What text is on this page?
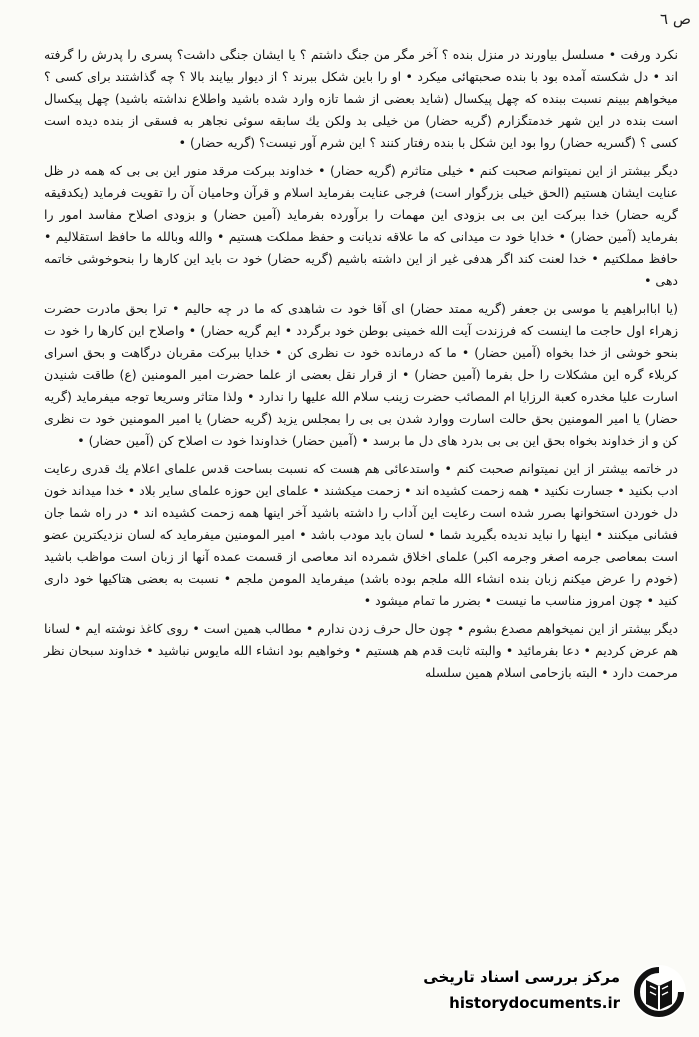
ص ٦

نکرد ورفت • مسلسل بیاورند در منزل بنده ؟ آخر مگر من جنگ داشتم ؟ یا ایشان جنگی داشت؟ پسری را پدرش را گرفته اند • دل شکسته آمده بود با بنده صحبتهائی میکرد • او را باین شکل ببرند ؟ از دیوار بیایند بالا ؟ چه گذاشتند برای کسی ؟ میخواهم ببینم نسبت ببنده که چهل پیکسال (شاید بعضی از شما تازه وارد شده باشید واطلاع نداشته باشید) چهل پیکسال است بنده در این شهر خدمتگزارم (گریه حضار) من خیلی بد ولکن یك سابقه سوئی نجاهر به فسقی از بنده دیده است کسی ؟ (گسریه حضار) روا بود این شکل با بنده رفتار کنند ؟ این شرم آور نیست؟ (گریه حضار) •

دیگر بیشتر از این نمیتوانم صحبت کنم • خیلی متاثرم (گریه حضار) • خداوند ببرکت مرقد منور این بی بی که همه در ظل عنایت ایشان هستیم (الحق خیلی بزرگوار است) فرجی عنایت بفرماید اسلام و قرآن وحامیان آن را تقویت فرماید (یکدقیقه گریه حضار) خدا ببرکت این بی بی بزودی این مهمات را برآورده بفرماید (آمین حضار) و بزودی اصلاح مفاسد امور را بفرماید (آمین حضار) • خدایا خود ت میدانی که ما علاقه ندیانت و حفظ مملکت هستیم • والله وبالله ما حافظ استقلالیم • حافظ مملکتیم • خدا لعنت کند اگر هدفی غیر از این داشته باشیم (گریه حضار) خود ت باید این کارها را بنحوخوشی خاتمه دهی •

(یا اباابراهیم یا موسی بن جعفر (گریه ممتد حضار) ای آقا خود ت شاهدی که ما در چه حالیم • ترا بحق مادرت حضرت زهراء اول حاجت ما اینست که فرزندت آیت الله خمینی بوطن خود برگردد • ایم گریه حضار) • واصلاح این کارها را خود ت بنحو خوشی از خدا بخواه (آمین حضار) • ما که درمانده خود ت نظری کن • خدایا ببرکت مقربان درگاهت و بحق اسرای کربلاء گره این مشکلات را حل بفرما (آمین حضار) • از قرار نقل بعضی از علما حضرت امیر المومنین (ع) طاقت شنیدن اسارت علیا مخدره کعبة الرزایا ام المصائب حضرت زینب سلام الله علیها را ندارد • ولذا متاثر وسریعا توجه میفرماید (گریه حضار) یا امیر المومنین بحق حالت اسارت ووارد شدن بی بی را بمجلس یزید (گریه حضار) یا امیر المومنین خود ت نظری کن و از خداوند بخواه بحق این بی بی بدرد های دل ما برسد • (آمین حضار) خداوندا خود ت اصلاح کن (آمین حضار) •

در خاتمه بیشتر از این نمیتوانم صحبت کنم • واستدعائی هم هست که نسبت بساحت قدس علمای اعلام یك قدری رعایت ادب بکنید • جسارت نکنید • همه زحمت کشیده اند • زحمت میکشند • علمای این حوزه علمای سایر بلاد • خدا میداند خون دل خوردن استخوانها بصرر شده است رعایت این آداب را داشته باشید آخر اینها همه زحمت کشیده اند • در راه شما جان فشانی میکنند • اینها را نباید ندیده بگیرید شما • لسان باید مودب باشد • امیر المومنین میفرماید که لسان نزدیکترین عضو است بمعاصی جرمه اصغر وجرمه اکبر) علمای اخلاق شمرده اند معاصی از قسمت عمده آنها از زبان است مواظب باشید (خودم را عرض میکنم زبان بنده انشاء الله ملجم بوده باشد) میفرماید المومن ملجم • نسبت به بعضی هتاکیها خود داری کنید • چون امروز مناسب ما نیست • بضرر ما تمام میشود •

دیگر بیشتر از این نمیخواهم مصدع بشوم • چون حال حرف زدن ندارم • مطالب همین است • روی کاغذ نوشته ایم • لسانا هم عرض کردیم • دعا بفرمائید • والبته ثابت قدم هم هستیم • وخواهیم بود انشاء الله مایوس نباشید • خداوند سبحان نظر مرحمت دارد • البته بازحامی اسلام همین سلسله

مرکز بررسی اسناد تاریخی
historydocuments.ir
